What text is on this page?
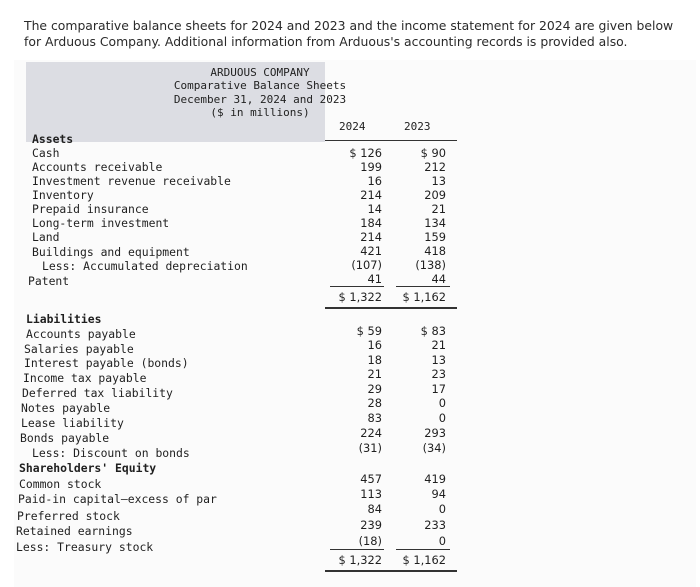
The comparative balance sheets for 2024 and 2023 and the income statement for 2024 are given below for Arduous Company. Additional information from Arduous's accounting records is provided also.
ARDUOUS COMPANY
Comparative Balance Sheets
December 31, 2024 and 2023
($ in millions)
2024	2023
Assets
Cash	$ 126	$ 90
Accounts receivable	199	212
Investment revenue receivable	16	13
Inventory	214	209
Prepaid insurance	14	21
Long-term investment	184	134
Land	214	159
Buildings and equipment	421	418
Less: Accumulated depreciation	(107)	(138)
Patent	41	44
$ 1,322 $ 1,162
Liabilities
Accounts payable	$ 59	$ 83
Salaries payable	16	21
Interest payable (bonds)	18	13
Income tax payable	21	23
Deferred tax liability	29	17
Notes payable	28	0
Lease liability	83	0
Bonds payable	224	293
Less: Discount on bonds	(31)	(34)
Shareholders' Equity
Common stock	457	419
Paid-in capital—excess of par	113	94
Preferred stock	84	0
Retained earnings	239	233
Less: Treasury stock	(18)	0
$ 1,322 $ 1,162
